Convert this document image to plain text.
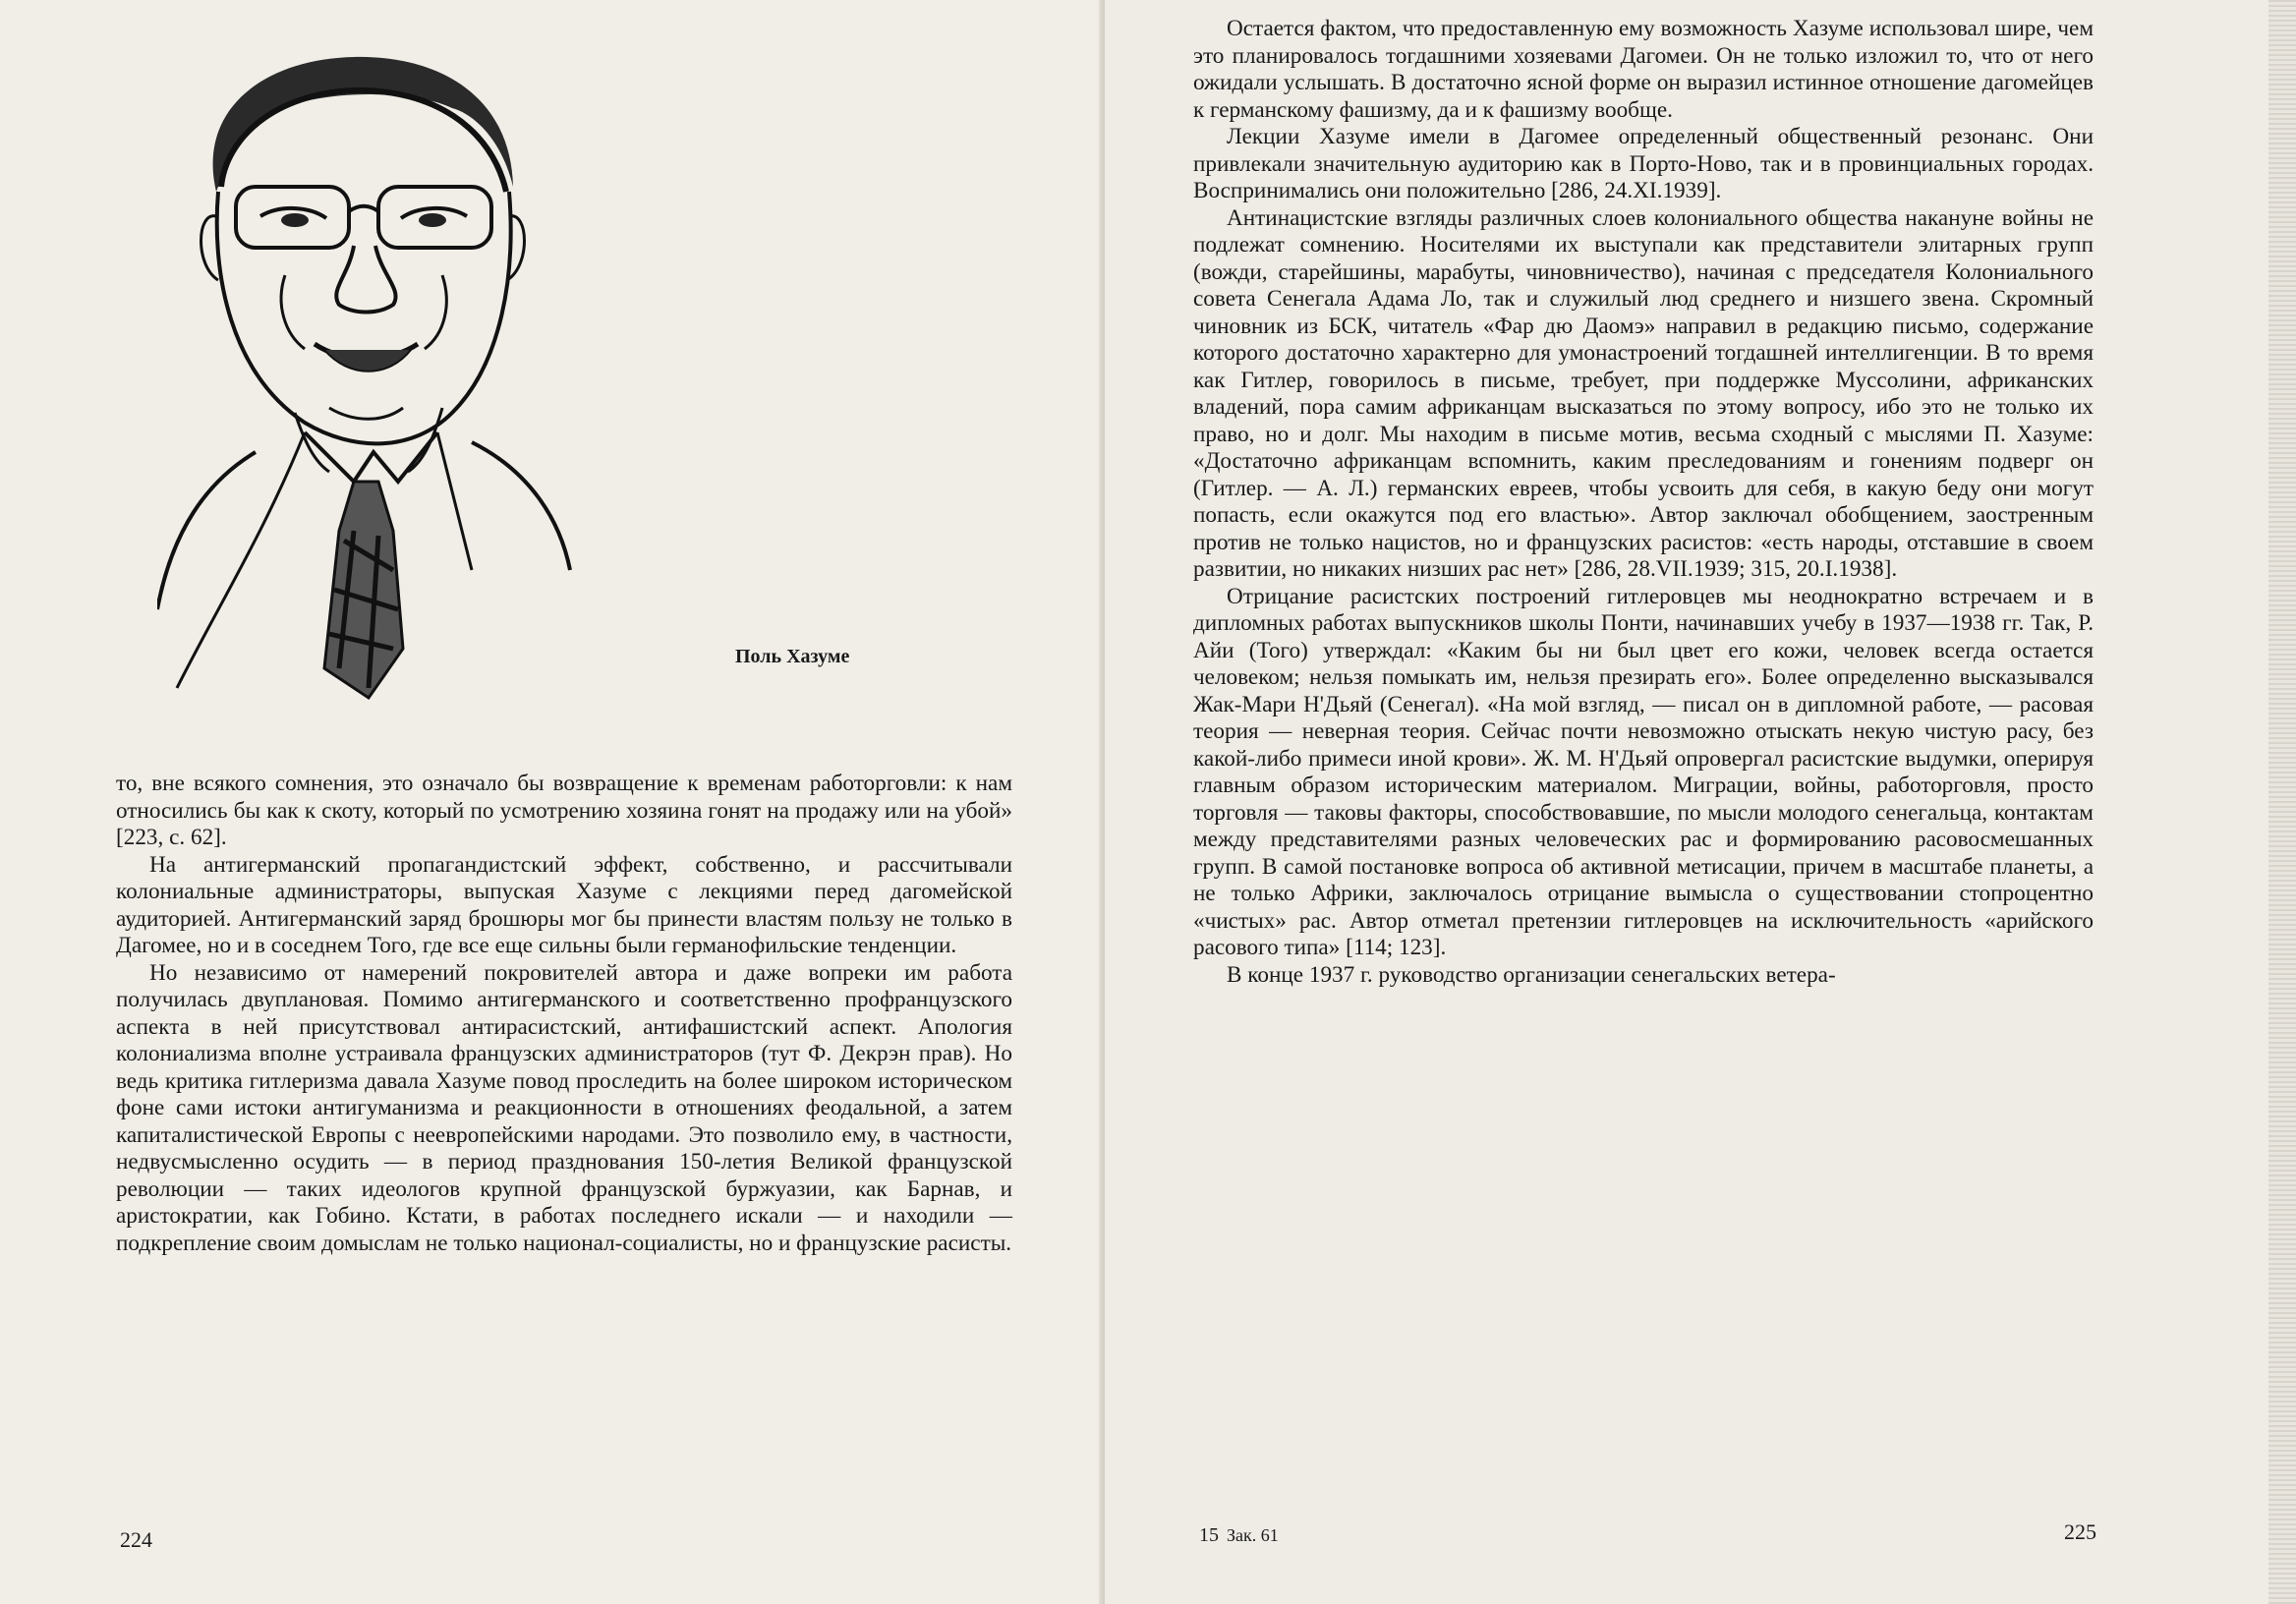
Поль Хазуме

то, вне всякого сомнения, это означало бы возвращение к временам работорговли: к нам относились бы как к скоту, который по усмотрению хозяина гонят на продажу или на убой» [223, с. 62].

На антигерманский пропагандистский эффект, собственно, и рассчитывали колониальные администраторы, выпуская Хазуме с лекциями перед дагомейской аудиторией. Антигерманский заряд брошюры мог бы принести властям пользу не только в Дагомее, но и в соседнем Того, где все еще сильны были германофильские тенденции.

Но независимо от намерений покровителей автора и даже вопреки им работа получилась двуплановая. Помимо антигерманского и соответственно профранцузского аспекта в ней присутствовал антирасистский, антифашистский аспект. Апология колониализма вполне устраивала французских администраторов (тут Ф. Декрэн прав). Но ведь критика гитлеризма давала Хазуме повод проследить на более широком историческом фоне сами истоки антигуманизма и реакционности в отношениях феодальной, а затем капиталистической Европы с неевропейскими народами. Это позволило ему, в частности, недвусмысленно осудить — в период празднования 150-летия Великой французской революции — таких идеологов крупной французской буржуазии, как Барнав, и аристократии, как Гобино. Кстати, в работах последнего искали — и находили — подкрепление своим домыслам не только национал-социалисты, но и французские расисты.

224

Остается фактом, что предоставленную ему возможность Хазуме использовал шире, чем это планировалось тогдашними хозяевами Дагомеи. Он не только изложил то, что от него ожидали услышать. В достаточно ясной форме он выразил истинное отношение дагомейцев к германскому фашизму, да и к фашизму вообще.

Лекции Хазуме имели в Дагомее определенный общественный резонанс. Они привлекали значительную аудиторию как в Порто-Ново, так и в провинциальных городах. Воспринимались они положительно [286, 24.XI.1939].

Антинацистские взгляды различных слоев колониального общества накануне войны не подлежат сомнению. Носителями их выступали как представители элитарных групп (вожди, старейшины, марабуты, чиновничество), начиная с председателя Колониального совета Сенегала Адама Ло, так и служилый люд среднего и низшего звена. Скромный чиновник из БСК, читатель «Фар дю Даомэ» направил в редакцию письмо, содержание которого достаточно характерно для умонастроений тогдашней интеллигенции. В то время как Гитлер, говорилось в письме, требует, при поддержке Муссолини, африканских владений, пора самим африканцам высказаться по этому вопросу, ибо это не только их право, но и долг. Мы находим в письме мотив, весьма сходный с мыслями П. Хазуме: «Достаточно африканцам вспомнить, каким преследованиям и гонениям подверг он (Гитлер. — А. Л.) германских евреев, чтобы усвоить для себя, в какую беду они могут попасть, если окажутся под его властью». Автор заключал обобщением, заостренным против не только нацистов, но и французских расистов: «есть народы, отставшие в своем развитии, но никаких низших рас нет» [286, 28.VII.1939; 315, 20.I.1938].

Отрицание расистских построений гитлеровцев мы неоднократно встречаем и в дипломных работах выпускников школы Понти, начинавших учебу в 1937—1938 гг. Так, Р. Айи (Того) утверждал: «Каким бы ни был цвет его кожи, человек всегда остается человеком; нельзя помыкать им, нельзя презирать его». Более определенно высказывался Жак-Мари Н'Дьяй (Сенегал). «На мой взгляд, — писал он в дипломной работе, — расовая теория — неверная теория. Сейчас почти невозможно отыскать некую чистую расу, без какой-либо примеси иной крови». Ж. М. Н'Дьяй опровергал расистские выдумки, оперируя главным образом историческим материалом. Миграции, войны, работорговля, просто торговля — таковы факторы, способствовавшие, по мысли молодого сенегальца, контактам между представителями разных человеческих рас и формированию расовосмешанных групп. В самой постановке вопроса об активной метисации, причем в масштабе планеты, а не только Африки, заключалось отрицание вымысла о существовании стопроцентно «чистых» рас. Автор отметал претензии гитлеровцев на исключительность «арийского расового типа» [114; 123].

В конце 1937 г. руководство организации сенегальских ветера-

15 Зак. 61	225
